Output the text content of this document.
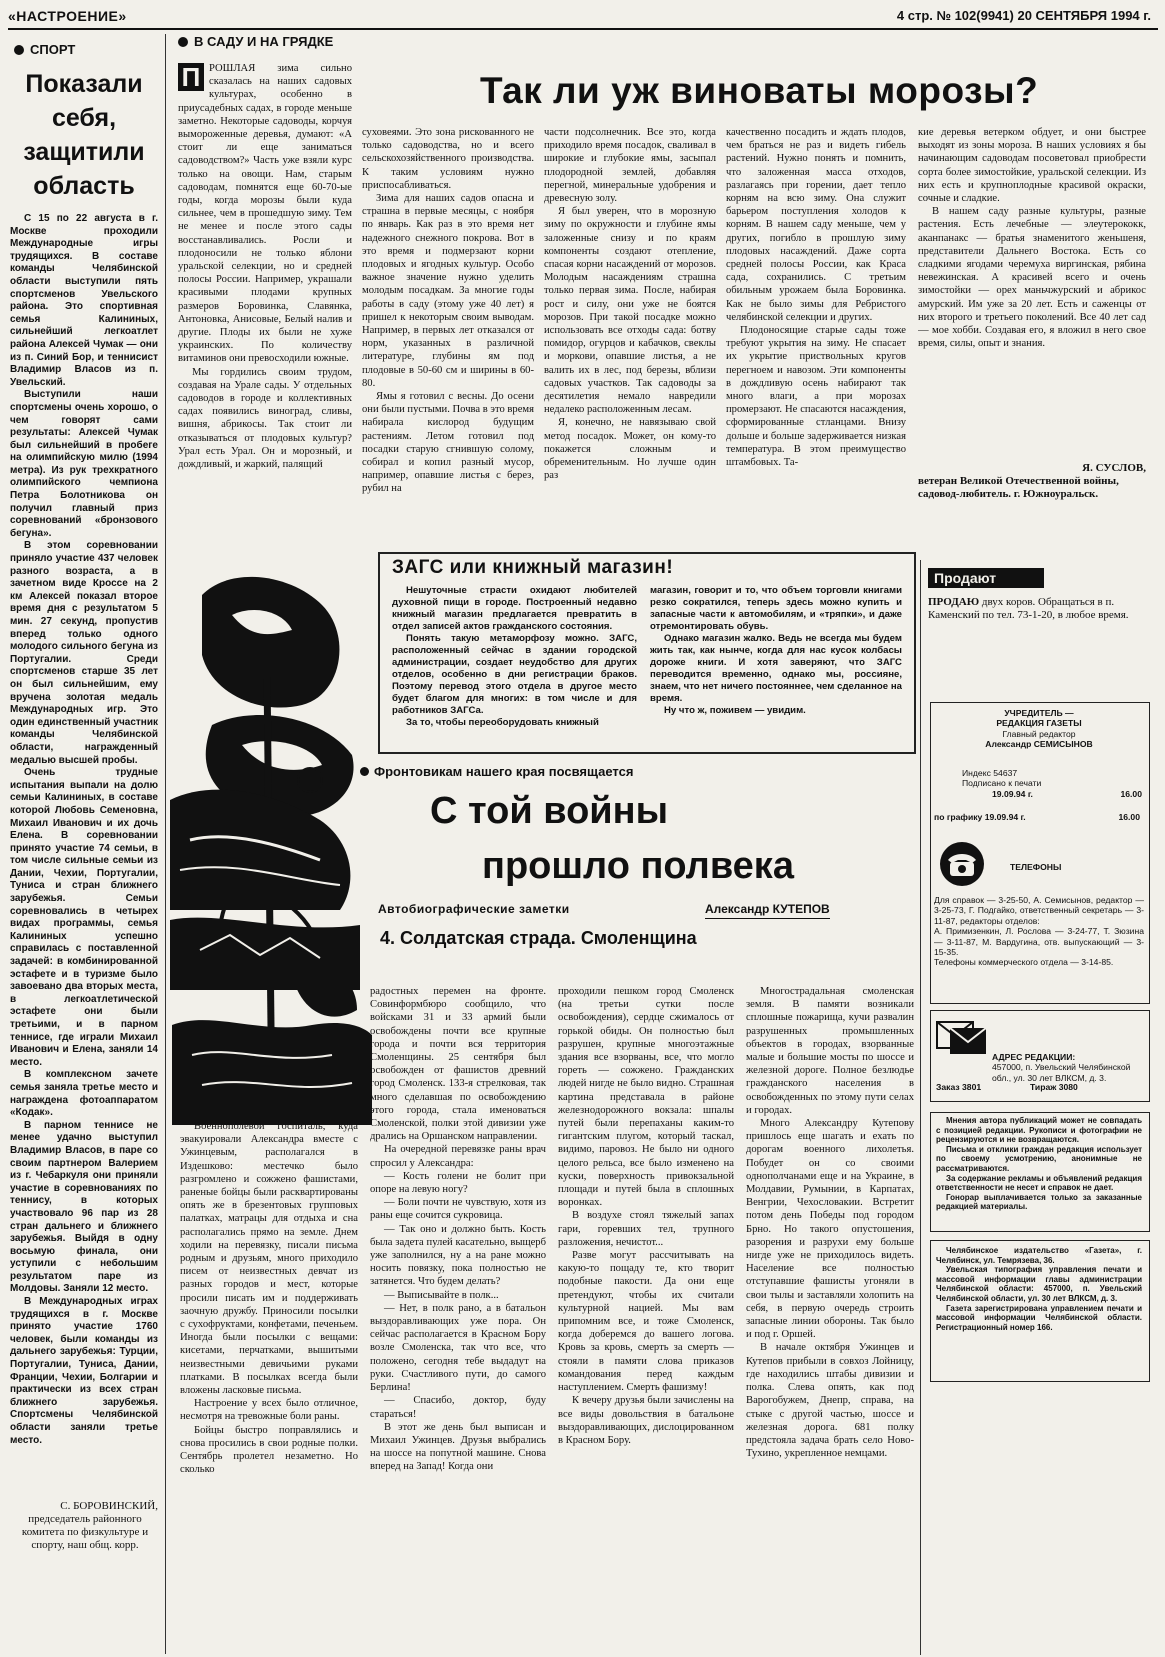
«НАСТРОЕНИЕ»	4 стр. № 102(9941) 20 СЕНТЯБРЯ 1994 г.
СПОРТ
Показали себя, защитили область

С 15 по 22 августа в г. Москве проходили Международные игры трудящихся. В составе команды Челябинской области выступили пять спортсменов Увельского района. Это спортивная семья Калининых, сильнейший легкоатлет района Алексей Чумак — они из п. Синий Бор, и теннисист Владимир Власов из п. Увельский.

Выступили наши спортсмены очень хорошо, о чем говорят сами результаты: Алексей Чумак был сильнейший в пробеге на олимпийскую милю (1994 метра). Из рук трехкратного олимпийского чемпиона Петра Болотникова он получил главный приз соревнований «бронзового бегуна».

В этом соревновании приняло участие 437 человек разного возраста, а в зачетном виде Кроссе на 2 км Алексей показал второе время дня с результатом 5 мин. 27 секунд, пропустив вперед только одного молодого сильного бегуна из Португалии. Среди спортсменов старше 35 лет он был сильнейшим, ему вручена золотая медаль Международных игр. Это один единственный участник команды Челябинской области, награжденный медалью высшей пробы.

Очень трудные испытания выпали на долю семьи Калининых, в составе которой Любовь Семеновна, Михаил Иванович и их дочь Елена. В соревновании принято участие 74 семьи, в том числе сильные семьи из Дании, Чехии, Португалии, Туниса и стран ближнего зарубежья. Семьи соревновались в четырех видах программы, семья Калининых успешно справилась с поставленной задачей: в комбинированной эстафете и в туризме было завоевано два вторых места, в легкоатлетической эстафете они были третьими, и в парном теннисе, где играли Михаил Иванович и Елена, заняли 14 место.

В комплексном зачете семья заняла третье место и награждена фотоаппаратом «Кодак».

В парном теннисе не менее удачно выступил Владимир Власов, в паре со своим партнером Валерием из г. Чебаркуля они приняли участие в соревнованиях по теннису, в которых участвовало 96 пар из 28 стран дальнего и ближнего зарубежья. Выйдя в одну восьмую финала, они уступили с небольшим результатом паре из Молдовы. Заняли 12 место.

В Международных играх трудящихся в г. Москве принято участие 1760 человек, были команды из дальнего зарубежья: Турции, Португалии, Туниса, Дании, Франции, Чехии, Болгарии и практически из всех стран ближнего зарубежья. Спортсмены Челябинской области заняли третье место.

С. БОРОВИНСКИЙ,
председатель районного комитета по физкультуре и спорту, наш общ. корр.
В САДУ И НА ГРЯДКЕ
Так ли уж виноваты морозы?
П РОШЛАЯ зима сильно сказалась на наших садовых культурах, особенно в приусадебных садах, в городе меньше заметно. Некоторые садоводы, корчуя вымороженные деревья, думают: «А стоит ли еще заниматься садоводством?» Часть уже взяли курс только на овощи. Нам, старым садоводам, помнятся еще 60-70-ые годы, когда морозы были куда сильнее, чем в прошедшую зиму. Тем не менее и после этого сады восстанавливались. Росли и плодоносили не только яблони уральской селекции, но и средней полосы России. Например, украшали красивыми плодами крупных размеров Боровинка, Славянка, Антоновка, Анисовые, Белый налив и другие. Плоды их были не хуже украинских. По количеству витаминов они превосходили южные.

Мы гордились своим трудом, создавая на Урале сады. У отдельных садоводов в городе и коллективных садах появились виноград, сливы, вишня, абрикосы. Так стоит ли отказываться от плодовых культур? Урал есть Урал. Он и морозный, и дождливый, и жаркий, палящий

суховеями. Это зона рискованного не только садоводства, но и всего сельскохозяйственного производства. К таким условиям нужно приспосабливаться.

Зима для наших садов опасна и страшна в первые месяцы, с ноября по январь. Как раз в это время нет надежного снежного покрова. Вот в это время и подмерзают корни плодовых и ягодных культур. Особо важное значение нужно уделить молодым посадкам. За многие годы работы в саду (этому уже 40 лет) я пришел к некоторым своим выводам. Например, в первых лет отказался от норм, указанных в различной литературе, глубины ям под плодовые в 50-60 см и ширины в 60-80.

Ямы я готовил с весны. До осени они были пустыми. Почва в это время набирала кислород будущим растениям. Летом готовил под посадки старую сгнившую солому, собирал и копил разный мусор, например, опавшие листья с берез, рубил на

части подсолнечник. Все это, когда приходило время посадок, сваливал в широкие и глубокие ямы, засыпал плодородной землей, добавляя перегной, минеральные удобрения и древесную золу.

Я был уверен, что в морозную зиму по окружности и глубине ямы заложенные снизу и по краям компоненты создают отепление, спасая корни насаждений от морозов. Молодым насаждениям страшна только первая зима. После, набирая рост и силу, они уже не боятся морозов. При такой посадке можно использовать все отходы сада: ботву помидор, огурцов и кабачков, свеклы и моркови, опавшие листья, а не валить их в лес, под березы, вблизи садовых участков. Так садоводы за десятилетия немало навредили недалеко расположенным лесам.

Я, конечно, не навязываю свой метод посадок. Может, он кому-то покажется сложным и обременительным. Но лучше один раз

качественно посадить и ждать плодов, чем браться не раз и видеть гибель растений. Нужно понять и помнить, что заложенная масса отходов, разлагаясь при горении, дает тепло корням на всю зиму. Она служит барьером поступления холодов к корням. В нашем саду меньше, чем у других, погибло в прошлую зиму плодовых насаждений. Даже сорта средней полосы России, как Краса сада, сохранились. С третьим обильным урожаем была Боровинка. Как не было зимы для Ребристого челябинской селекции и других.

Плодоносящие старые сады тоже требуют укрытия на зиму. Не спасает их укрытие приствольных кругов перегноем и навозом. Эти компоненты в дождливую осень набирают так много влаги, а при морозах промерзают. Не спасаются насаждения, сформированные стланцами. Внизу дольше и больше задерживается низкая температура. В этом преимущество штамбовых. Та-

кие деревья ветерком обдует, и они быстрее выходят из зоны мороза. В наших условиях я бы начинающим садоводам посоветовал приобрести сорта более зимостойкие, уральской селекции. Из них есть и крупноплодные красивой окраски, сочные и сладкие.

В нашем саду разные культуры, разные растения. Есть лечебные — элеутерококк, аканпанакс — братья знаменитого женьшеня, представители Дальнего Востока. Есть со сладкими ягодами черемуха виргинская, рябина невежинская. А красивей всего и очень зимостойки — орех маньчжурский и абрикос амурский. Им уже за 20 лет. Есть и саженцы от них второго и третьего поколений. Все 40 лет сад — мое хобби. Создавая его, я вложил в него свое время, силы, опыт и знания.

Я. СУСЛОВ,
ветеран Великой Отечественной войны, садовод-любитель. г. Южноуральск.
ЗАГС или книжный магазин!

Нешуточные страсти охидают любителей духовной пищи в городе. Построенный недавно книжный магазин предлагается превратить в отдел записей актов гражданского состояния.

Понять такую метаморфозу можно. ЗАГС, расположенный сейчас в здании городской администрации, создает неудобство для других отделов, особенно в дни регистрации браков. Поэтому перевод этого отдела в другое место будет благом для многих: в том числе и для работников ЗАГСа.

За то, чтобы переоборудовать книжный

магазин, говорит и то, что объем торговли книгами резко сократился, теперь здесь можно купить и запасные части к автомобилям, и «тряпки», и даже отремонтировать обувь.

Однако магазин жалко. Ведь не всегда мы будем жить так, как нынче, когда для нас кусок колбасы дороже книги. И хотя заверяют, что ЗАГС переводится временно, однако мы, россияне, знаем, что нет ничего постояннее, чем сделанное на время.

Ну что ж, поживем — увидим.

Продают
ПРОДАЮ двух коров. Обращаться в п. Каменский по тел. 73-1-20, в любое время.
Фронтовикам нашего края посвящается
С той войны
прошло полвека
Автобиографические заметки	Александр КУТЕПОВ
4. Солдатская страда. Смоленщина

Военнополевой госпиталь, куда эвакуировали Александра вместе с Ужинцевым, располагался в Издешково: местечко было разгромлено и сожжено фашистами, раненые бойцы были расквартированы опять же в брезентовых групповых палатках, матрацы для отдыха и сна располагались прямо на земле. Днем ходили на перевязку, писали письма родным и друзьям, много приходило писем от неизвестных девчат из разных городов и мест, которые просили писать им и поддерживать заочную дружбу. Приносили посылки с сухофруктами, конфетами, печеньем. Иногда были посылки с вещами: кисетами, перчатками, вышитыми неизвестными девичьими руками платками. В посылках всегда были вложены ласковые письма.

Настроение у всех было отличное, несмотря на тревожные боли раны.

Бойцы быстро поправлялись и снова просились в свои родные полки. Сентябрь пролетел незаметно. Но сколько

радостных перемен на фронте. Совинформбюро сообщило, что войсками 31 и 33 армий были освобождены почти все крупные города и почти вся территория Смоленщины. 25 сентября был освобожден от фашистов древний город Смоленск. 133-я стрелковая, так много сделавшая по освобождению этого города, стала именоваться Смоленской, полки этой дивизии уже дрались на Оршанском направлении.

На очередной перевязке раны врач спросил у Александра:

— Кость голени не болит при опоре на левую ногу?

— Боли почти не чувствую, хотя из раны еще сочится сукровица.

— Так оно и должно быть. Кость была задета пулей касательно, выщерб уже заполнился, ну а на ране можно носить повязку, пока полностью не затянется. Что будем делать?

— Выписывайте в полк...

— Нет, в полк рано, а в батальон выздоравливающих уже пора. Он сейчас располагается в Красном Бору возле Смоленска, так что все, что положено, сегодня тебе выдадут на руки. Счастливого пути, до самого Берлина!

— Спасибо, доктор, буду стараться!

В этот же день был выписан и Михаил Ужинцев. Друзья выбрались на шоссе на попутной машине. Снова вперед на Запад! Когда они

проходили пешком город Смоленск (на третьи сутки после освобождения), сердце сжималось от горькой обиды. Он полностью был разрушен, крупные многоэтажные здания все взорваны, все, что могло гореть — сожжено. Гражданских людей нигде не было видно. Страшная картина представала в районе железнодорожного вокзала: шпалы путей были перепаханы каким-то гигантским плугом, который таскал, видимо, паровоз. Не было ни одного целого рельса, все было изменено на куски, поверхность привокзальной площади и путей была в сплошных воронках.

В воздухе стоял тяжелый запах гари, горевших тел, трупного разложения, нечистот...

Разве могут рассчитывать на какую-то пощаду те, кто творит подобные пакости. Да они еще претендуют, чтобы их считали культурной нацией. Мы вам припомним все, и тоже Смоленск, когда доберемся до вашего логова. Кровь за кровь, смерть за смерть — стояли в памяти слова приказов командования перед каждым наступлением. Смерть фашизму!

К вечеру друзья были зачислены на все виды довольствия в батальоне выздоравливающих, дислоцированном в Красном Бору.

Многострадальная смоленская земля. В памяти возникали сплошные пожарища, кучи развалин разрушенных промышленных объектов в городах, взорванные малые и большие мосты по шоссе и железной дороге. Полное безлюдье гражданского населения в освобожденных по этому пути селах и городах.

Много Александру Кутепову пришлось еще шагать и ехать по дорогам военного лихолетья. Побудет он со своими однополчанами еще и на Украине, в Молдавии, Румынии, в Карпатах, Венгрии, Чехословакии. Встретит потом день Победы под городом Брно. Но такого опустошения, разорения и разрухи ему больше нигде уже не приходилось видеть. Население все полностью отступавшие фашисты угоняли в свои тылы и заставляли холопить на себя, в первую очередь строить запасные линии обороны. Так было и под г. Оршей.

В начале октября Ужинцев и Кутепов прибыли в совхоз Лойницу, где находились штабы дивизии и полка. Слева опять, как под Варогобужем, Днепр, справа, на стыке с другой частью, шоссе и железная дорога. 681 полку предстояла задача брать село Ново-Тухино, укрепленное немцами.

УЧРЕДИТЕЛЬ —
РЕДАКЦИЯ ГАЗЕТЫ
Главный редактор
Александр СЕМИСЫНОВ
Индекс 54637
Подписано к печати
19.09.94 г.	16.00
по графику 19.09.94 г.	16.00
ТЕЛЕФОНЫ
Для справок — 3-25-50, А. Семисынов, редактор — 3-25-73, Г. Подгайко, ответственный секретарь — 3-11-87, редакторы отделов:
А. Примизенкин, Л. Рослова — 3-24-77, Т. Зюзина — 3-11-87, М. Вардугина, отв. выпускающий — 3-15-35.
Телефоны коммерческого отдела — 3-14-85.
АДРЕС РЕДАКЦИИ:
457000, п. Увельский Челябинской обл., ул. 30 лет ВЛКСМ, д. 3.
Заказ 3801	Тираж 3080
Мнения автора публикаций может не совпадать с позицией редакции. Рукописи и фотографии не рецензируются и не возвращаются.
Письма и отклики граждан редакция использует по своему усмотрению, анонимные не рассматриваются.
За содержание рекламы и объявлений редакция ответственности не несет и справок не дает.
Гонорар выплачивается только за заказанные редакцией материалы.
Челябинское издательство «Газета», г. Челябинск, ул. Темрязева, 36.
Увельская типография управления печати и массовой информации главы администрации Челябинской области: 457000, п. Увельский Челябинской области, ул. 30 лет ВЛКСМ, д. 3.
Газета зарегистрирована управлением печати и массовой информации Челябинской области. Регистрационный номер 166.
